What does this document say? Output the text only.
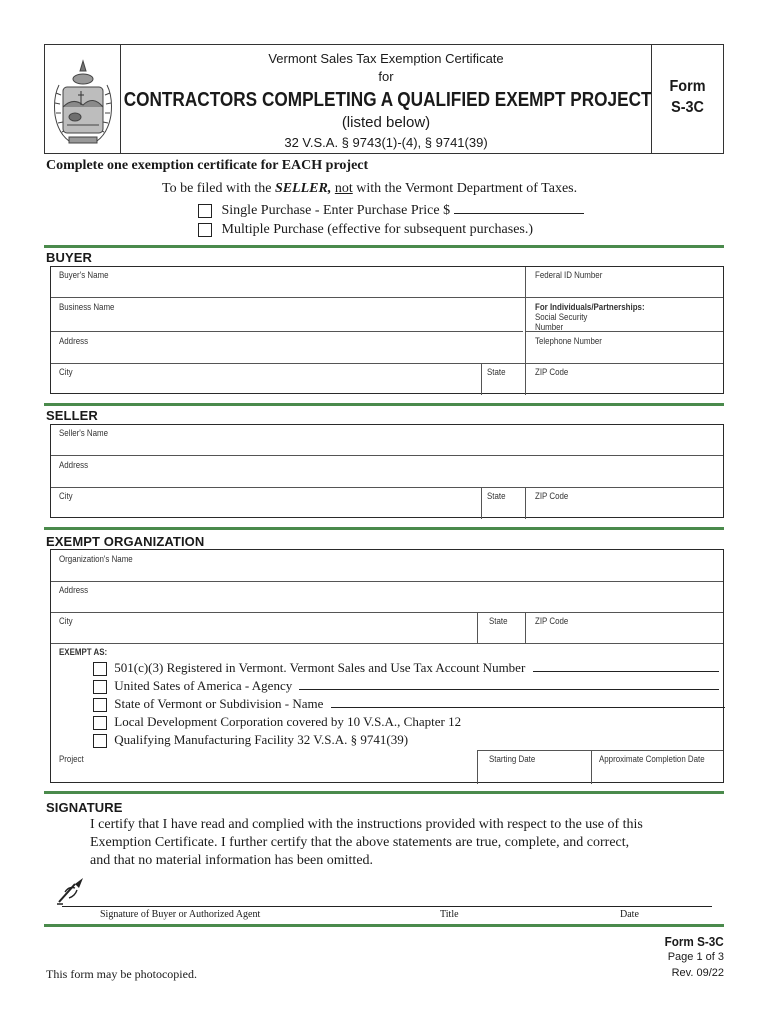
Vermont Sales Tax Exemption Certificate
for
CONTRACTORS COMPLETING A QUALIFIED EXEMPT PROJECT
(listed below)
32 V.S.A. § 9743(1)-(4), § 9741(39)
Form
S-3C
Complete one exemption certificate for EACH project
To be filed with the SELLER, not with the Vermont Department of Taxes.
Single Purchase - Enter Purchase Price $
Multiple Purchase (effective for subsequent purchases.)
BUYER
Buyer's Name	Federal ID Number
Business Name	For Individuals/Partnerships:
Social Security
Number
Address	Telephone Number
City	State	ZIP Code
SELLER
Seller's Name
Address
City	State	ZIP Code
EXEMPT ORGANIZATION
Organization's Name
Address
City	State	ZIP Code
EXEMPT AS:
501(c)(3) Registered in Vermont. Vermont Sales and Use Tax Account Number
United Sates of America - Agency
State of Vermont or Subdivision - Name
Local Development Corporation covered by 10 V.S.A., Chapter 12
Qualifying Manufacturing Facility 32 V.S.A. § 9741(39)
Project	Starting Date	Approximate Completion Date
SIGNATURE
I certify that I have read and complied with the instructions provided with respect to the use of this
Exemption Certificate. I further certify that the above statements are true, complete, and correct,
and that no material information has been omitted.
Signature of Buyer or Authorized Agent	Title	Date
This form may be photocopied.
Form S-3C
Page 1 of 3
Rev. 09/22
